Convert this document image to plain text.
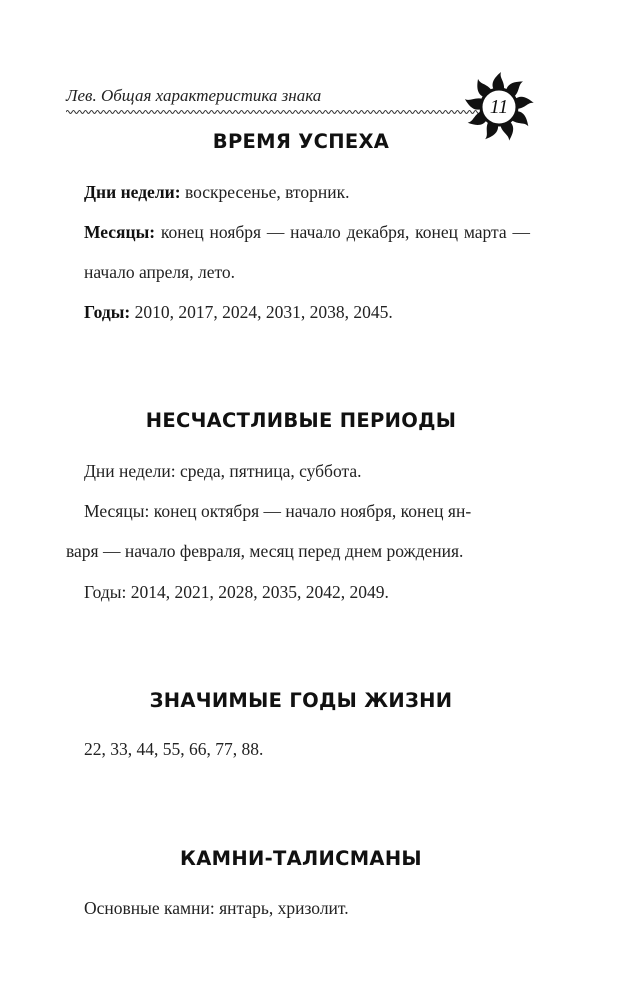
Лев. Общая характеристика знака	11
ВРЕМЯ УСПЕХА
Дни недели: воскресенье, вторник.
Месяцы: конец ноября — начало декабря, конец марта — начало апреля, лето.
Годы: 2010, 2017, 2024, 2031, 2038, 2045.
НЕСЧАСТЛИВЫЕ ПЕРИОДЫ
Дни недели: среда, пятница, суббота.
Месяцы: конец октября — начало ноября, конец ян-
варя — начало февраля, месяц перед днем рождения.
Годы: 2014, 2021, 2028, 2035, 2042, 2049.
ЗНАЧИМЫЕ ГОДЫ ЖИЗНИ
22, 33, 44, 55, 66, 77, 88.
КАМНИ-ТАЛИСМАНЫ
Основные камни: янтарь, хризолит.
